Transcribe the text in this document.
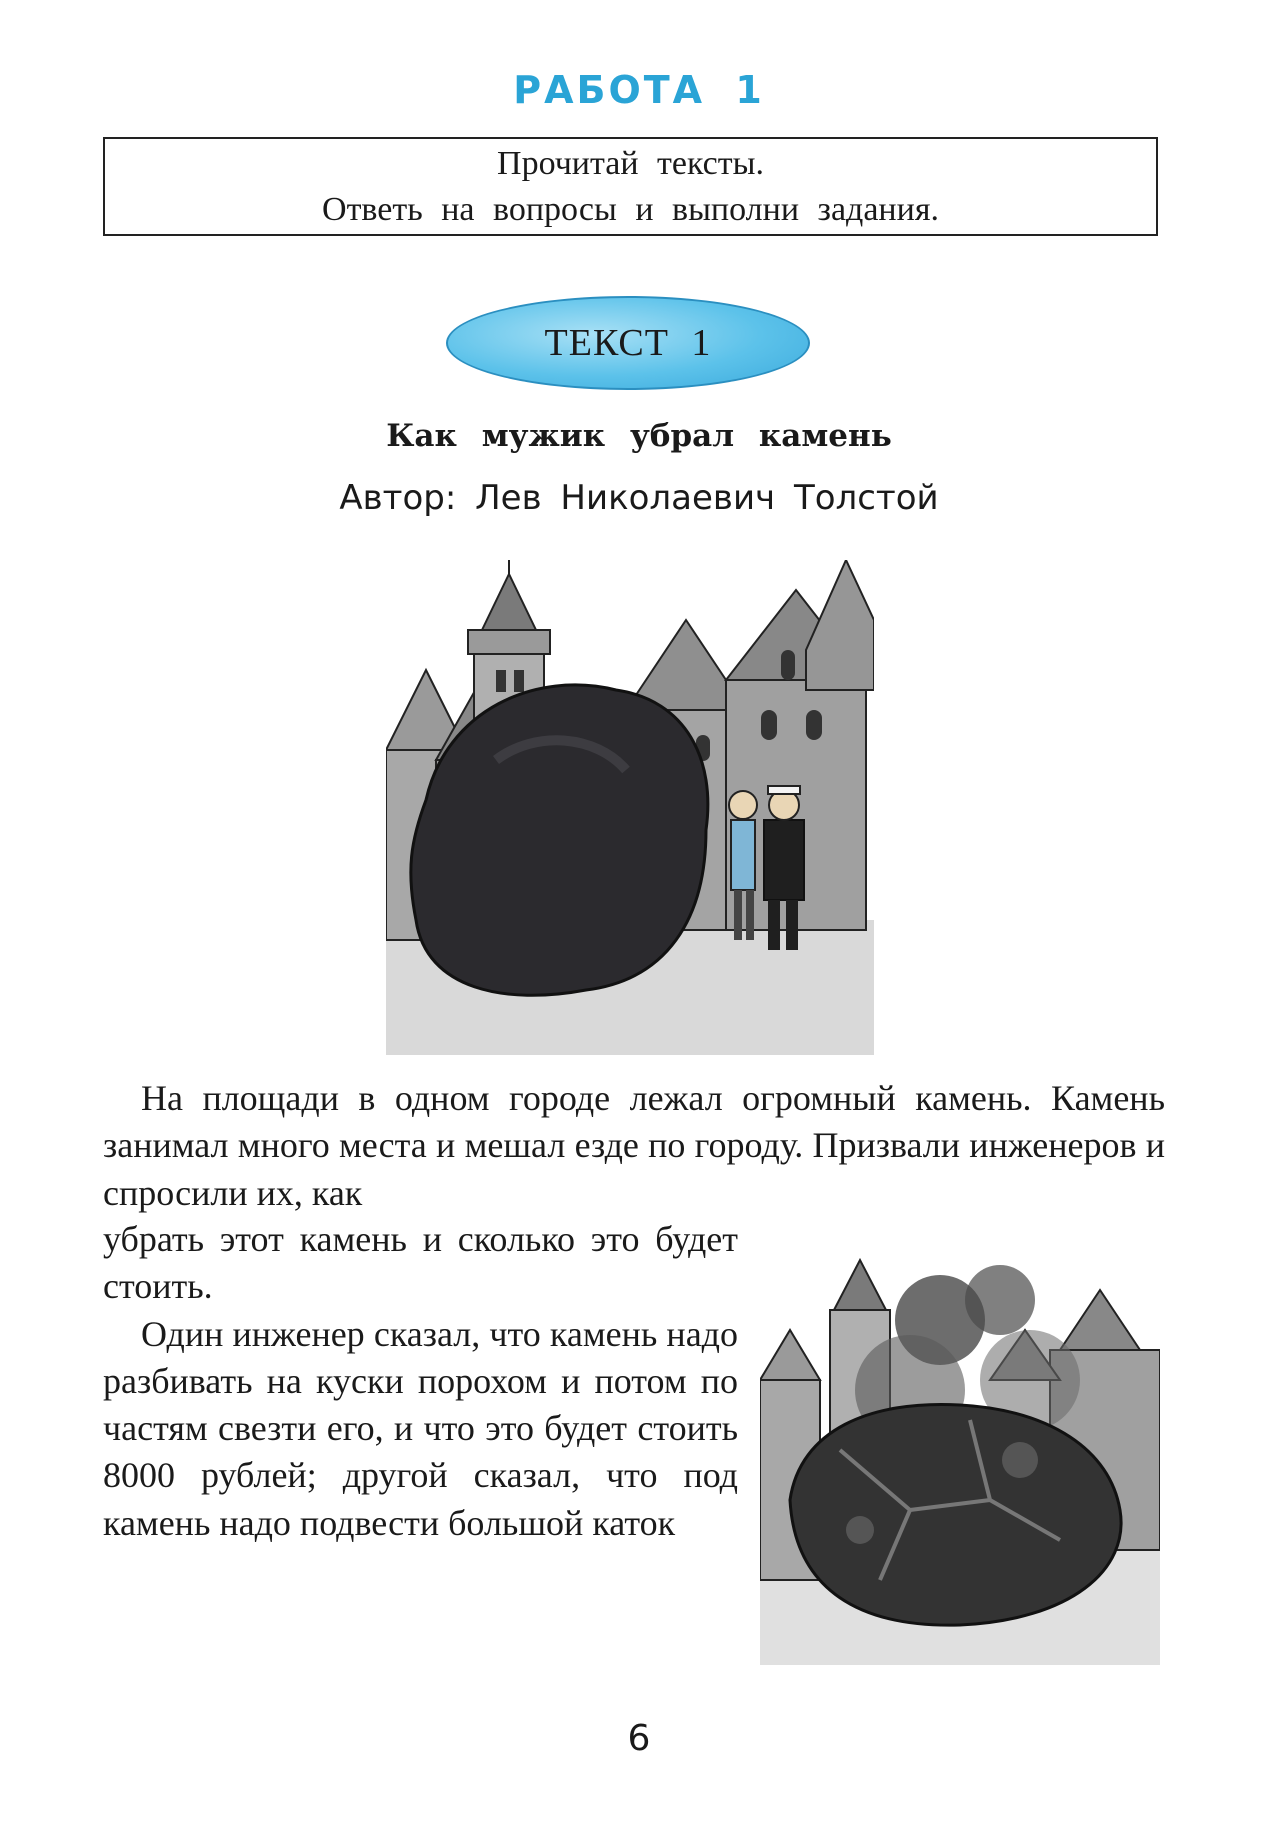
РАБОТА 1
Прочитай тексты.
Ответь на вопросы и выполни задания.
ТЕКСТ 1
Как мужик убрал камень
Автор: Лев Николаевич Толстой
На площади в одном городе лежал огромный камень. Камень занимал много места и мешал езде по городу. Призвали инженеров и спросили их, как
убрать этот камень и сколько это будет стоить.
Один инженер сказал, что камень надо разбивать на куски порохом и потом по частям свезти его, и что это будет стоить 8000 рублей; другой сказал, что под камень надо подвести большой каток
6
